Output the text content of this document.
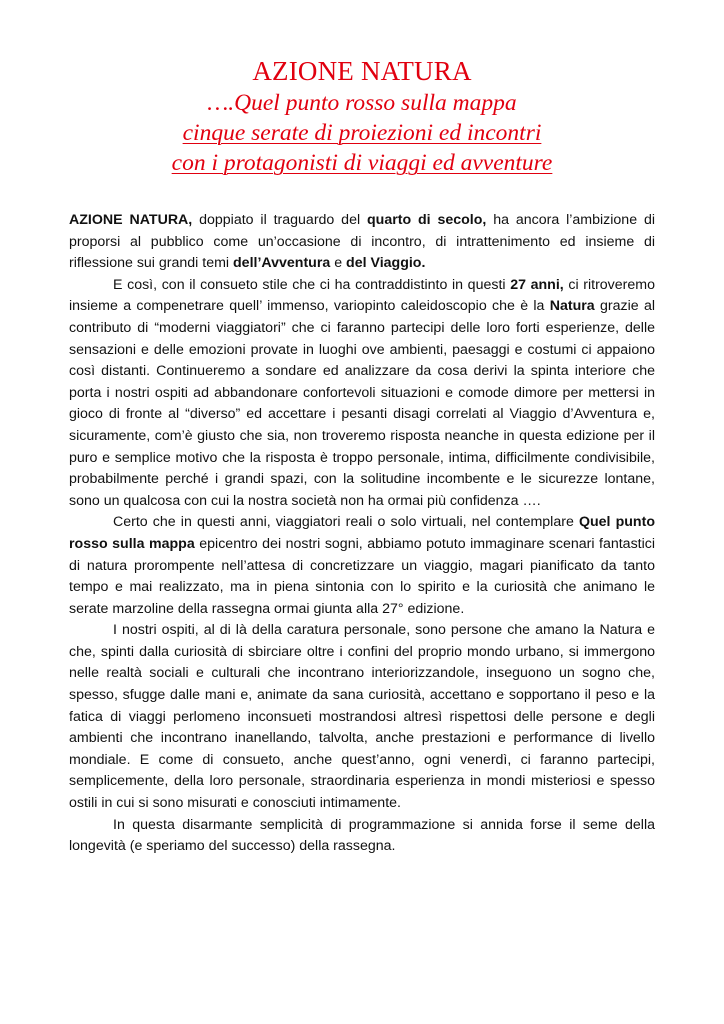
AZIONE NATURA
….Quel punto rosso sulla mappa
cinque serate di proiezioni ed incontri
con i protagonisti di viaggi ed avventure

AZIONE NATURA, doppiato il traguardo del quarto di secolo, ha ancora l’ambizione di proporsi al pubblico come un’occasione di incontro, di intrattenimento ed insieme di riflessione sui grandi temi dell’Avventura e del Viaggio.

E così, con il consueto stile che ci ha contraddistinto in questi 27 anni, ci ritroveremo insieme a compenetrare quell’ immenso, variopinto caleidoscopio che è la Natura grazie al contributo di “moderni viaggiatori” che ci faranno partecipi delle loro forti esperienze, delle sensazioni e delle emozioni provate in luoghi ove ambienti, paesaggi e costumi ci appaiono così distanti. Continueremo a sondare ed analizzare da cosa derivi la spinta interiore che porta i nostri ospiti ad abbandonare confortevoli situazioni e comode dimore per mettersi in gioco di fronte al “diverso” ed accettare i pesanti disagi correlati al Viaggio d’Avventura e, sicuramente, com’è giusto che sia, non troveremo risposta neanche in questa edizione per il puro e semplice motivo che la risposta è troppo personale, intima, difficilmente condivisibile, probabilmente perché i grandi spazi, con la solitudine incombente e le sicurezze lontane, sono un qualcosa con cui la nostra società non ha ormai più confidenza ….

Certo che in questi anni, viaggiatori reali o solo virtuali, nel contemplare Quel punto rosso sulla mappa epicentro dei nostri sogni, abbiamo potuto immaginare scenari fantastici di natura prorompente nell’attesa di concretizzare un viaggio, magari pianificato da tanto tempo e mai realizzato, ma in piena sintonia con lo spirito e la curiosità che animano le serate marzoline della rassegna ormai giunta alla 27° edizione.

I nostri ospiti, al di là della caratura personale, sono persone che amano la Natura e che, spinti dalla curiosità di sbirciare oltre i confini del proprio mondo urbano, si immergono nelle realtà sociali e culturali che incontrano interiorizzandole, inseguono un sogno che, spesso, sfugge dalle mani e, animate da sana curiosità, accettano e sopportano il peso e la fatica di viaggi perlomeno inconsueti mostrandosi altresì rispettosi delle persone e degli ambienti che incontrano inanellando, talvolta, anche prestazioni e performance di livello mondiale. E come di consueto, anche quest’anno, ogni venerdì, ci faranno partecipi, semplicemente, della loro personale, straordinaria esperienza in mondi misteriosi e spesso ostili in cui si sono misurati e conosciuti intimamente.

In questa disarmante semplicità di programmazione si annida forse il seme della longevità (e speriamo del successo) della rassegna.
